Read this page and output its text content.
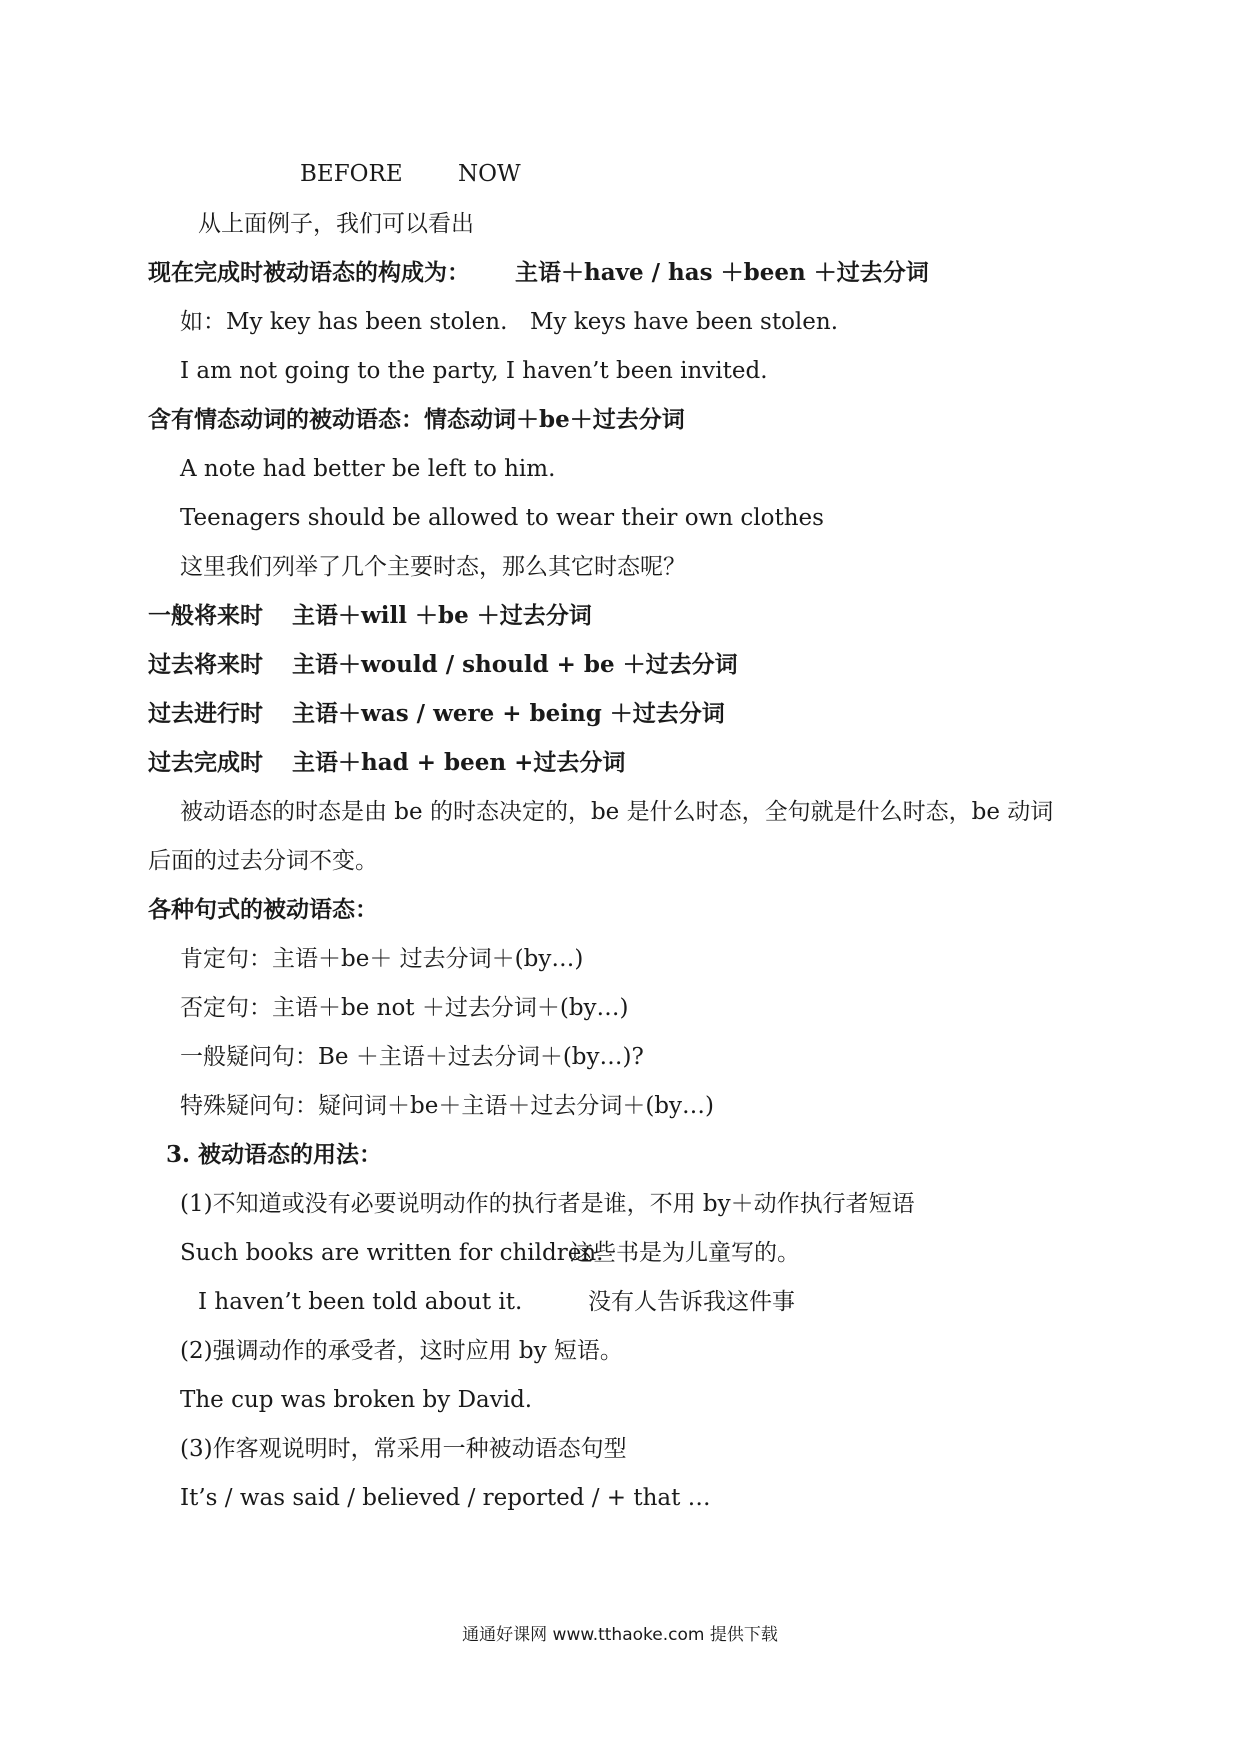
BEFORE NOW
从上面例子，我们可以看出
现在完成时被动语态的构成为： 主语＋have / has ＋been ＋过去分词
如：My key has been stolen. My keys have been stolen.
I am not going to the party, I haven’t been invited.
含有情态动词的被动语态：情态动词＋be＋过去分词
A note had better be left to him.
Teenagers should be allowed to wear their own clothes
这里我们列举了几个主要时态，那么其它时态呢？
一般将来时 主语＋will ＋be ＋过去分词
过去将来时 主语＋would / should + be ＋过去分词
过去进行时 主语＋was / were + being ＋过去分词
过去完成时 主语＋had + been +过去分词
被动语态的时态是由 be 的时态决定的，be 是什么时态，全句就是什么时态，be 动词
后面的过去分词不变。
各种句式的被动语态：
肯定句：主语＋be＋ 过去分词＋(by…)
否定句：主语＋be not ＋过去分词＋(by…)
一般疑问句：Be ＋主语＋过去分词＋(by…)?
特殊疑问句：疑问词＋be＋主语＋过去分词＋(by…)
3. 被动语态的用法：
(1)不知道或没有必要说明动作的执行者是谁，不用 by＋动作执行者短语
Such books are written for children.
这些书是为儿童写的。
I haven’t been told about it.	没有人告诉我这件事
(2)强调动作的承受者，这时应用 by 短语。
The cup was broken by David.
(3)作客观说明时，常采用一种被动语态句型
It’s / was said / believed / reported / + that …
通通好课网 www.tthaoke.com 提供下载
